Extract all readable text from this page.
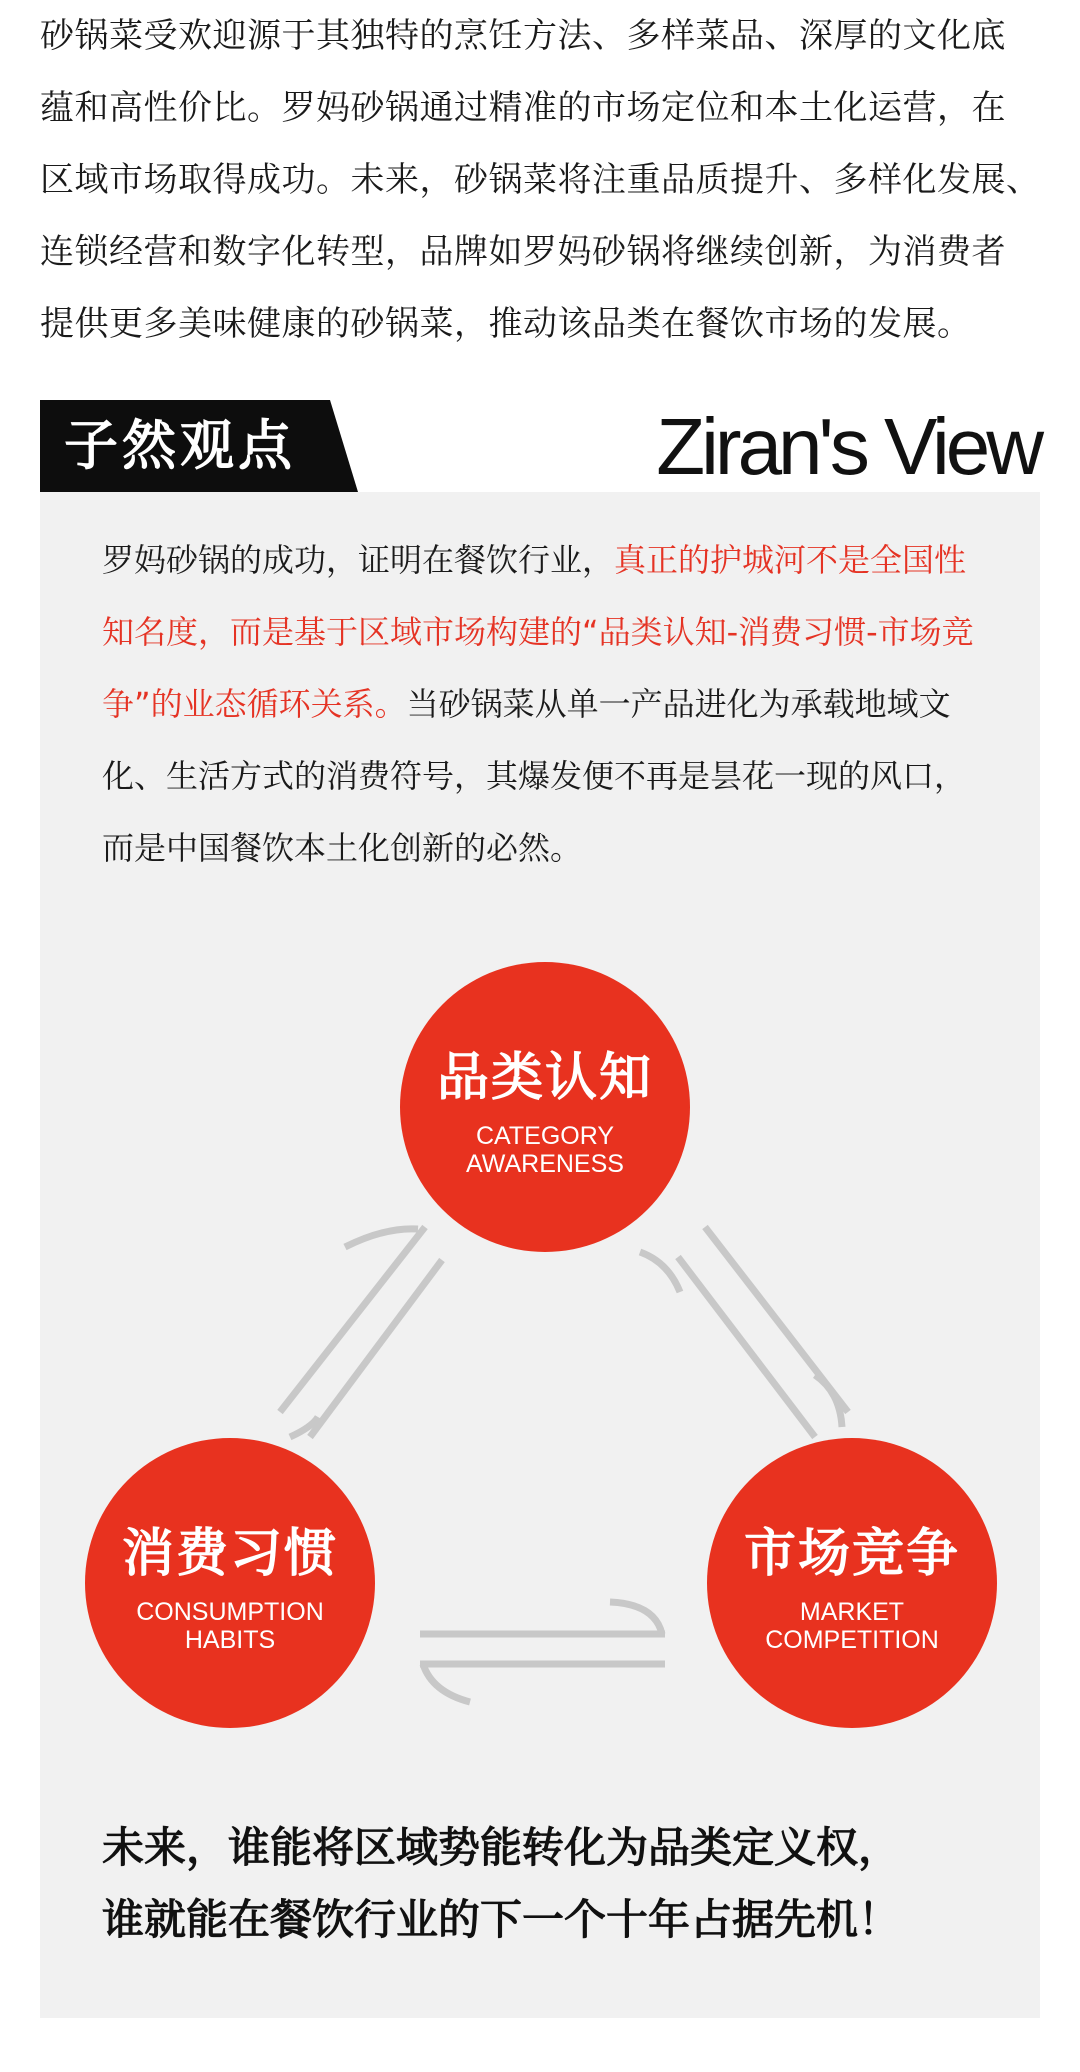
砂锅菜受欢迎源于其独特的烹饪方法、多样菜品、深厚的文化底
蕴和高性价比。罗妈砂锅通过精准的市场定位和本土化运营，在
区域市场取得成功。未来，砂锅菜将注重品质提升、多样化发展、
连锁经营和数字化转型，品牌如罗妈砂锅将继续创新，为消费者
提供更多美味健康的砂锅菜，推动该品类在餐饮市场的发展。
子然观点	Ziran's View

罗妈砂锅的成功，证明在餐饮行业，真正的护城河不是全国性知名度，而是基于区域市场构建的“品类认知-消费习惯-市场竞争”的业态循环关系。当砂锅菜从单一产品进化为承载地域文化、生活方式的消费符号，其爆发便不再是昙花一现的风口，而是中国餐饮本土化创新的必然。

品类认知
CATEGORY AWARENESS
消费习惯
CONSUMPTION HABITS
市场竞争
MARKET COMPETITION
未来，谁能将区域势能转化为品类定义权，
谁就能在餐饮行业的下一个十年占据先机！
